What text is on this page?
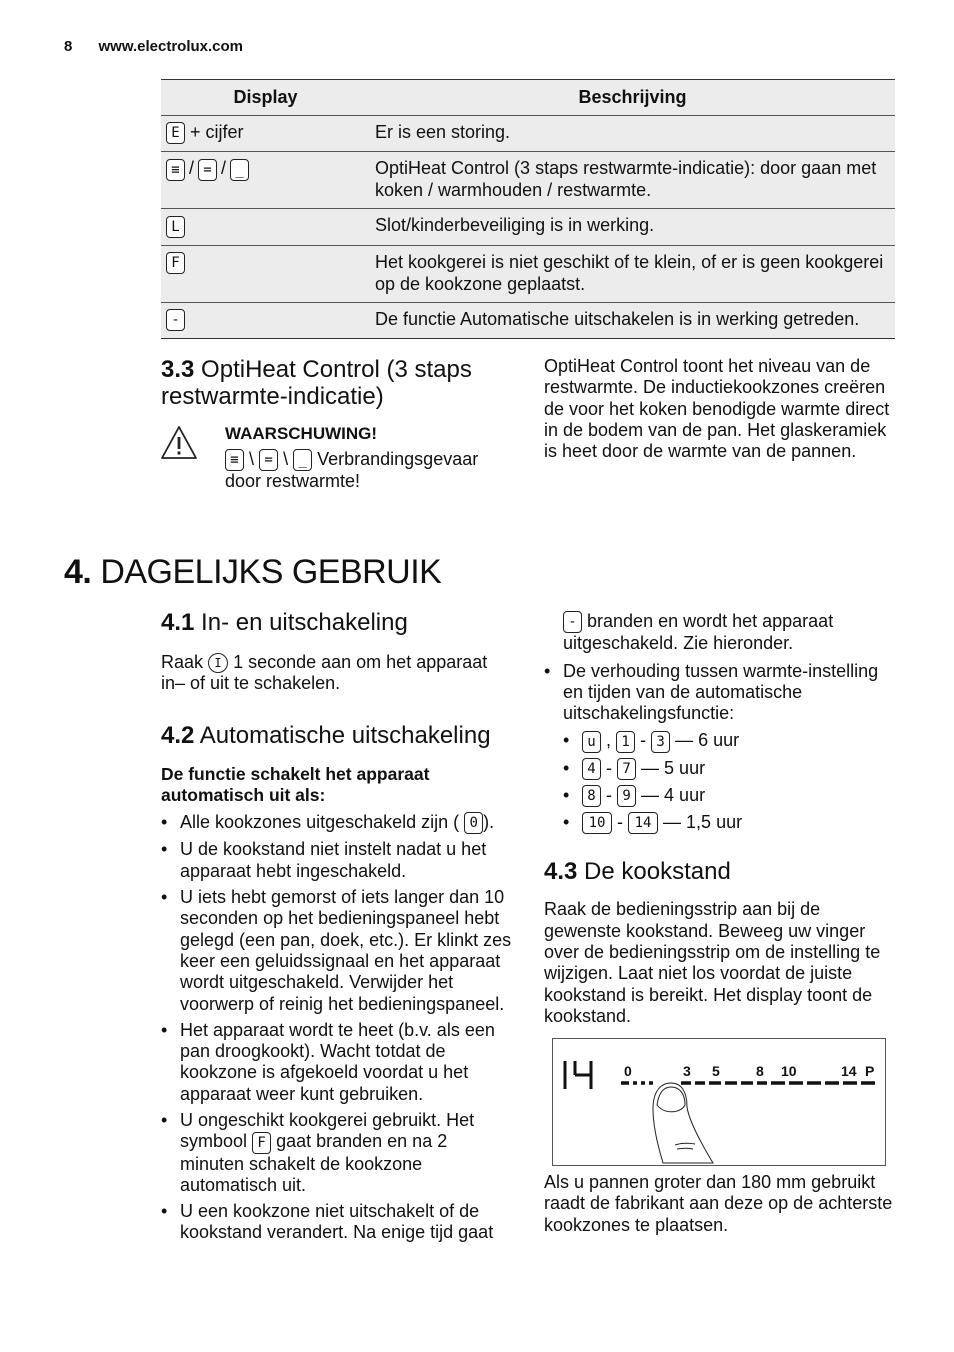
8 www.electrolux.com
Display	Beschrijving
E + cijfer	Er is een storing.
≡ / = / _	OptiHeat Control (3 staps restwarmte-indicatie): door gaan met koken / warmhouden / restwarmte.
L	Slot/kinderbeveiliging is in werking.
F	Het kookgerei is niet geschikt of te klein, of er is geen kookgerei op de kookzone geplaatst.
-	De functie Automatische uitschakelen is in werking getreden.
3.3 OptiHeat Control (3 staps restwarmte-indicatie)
WAARSCHUWING!

≡ \ = \ _ Verbrandingsgevaar
door restwarmte!

OptiHeat Control toont het niveau van de restwarmte. De inductiekookzones creëren de voor het koken benodigde warmte direct in de bodem van de pan. Het glaskeramiek is heet door de warmte van de pannen.

4. DAGELIJKS GEBRUIK
4.1 In- en uitschakeling

Raak I 1 seconde aan om het apparaat in– of uit te schakelen.

4.2 Automatische uitschakeling

De functie schakelt het apparaat automatisch uit als:

• Alle kookzones uitgeschakeld zijn ( 0 ).
• U de kookstand niet instelt nadat u het apparaat hebt ingeschakeld.
• U iets hebt gemorst of iets langer dan 10 seconden op het bedieningspaneel hebt gelegd (een pan, doek, etc.). Er klinkt zes keer een geluidssignaal en het apparaat wordt uitgeschakeld. Verwijder het voorwerp of reinig het bedieningspaneel.
• Het apparaat wordt te heet (b.v. als een pan droogkookt). Wacht totdat de kookzone is afgekoeld voordat u het apparaat weer kunt gebruiken.
• U ongeschikt kookgerei gebruikt. Het symbool F gaat branden en na 2 minuten schakelt de kookzone automatisch uit.
• U een kookzone niet uitschakelt of de kookstand verandert. Na enige tijd gaat

- branden en wordt het apparaat uitgeschakeld. Zie hieronder.

• De verhouding tussen warmte-instelling en tijden van de automatische uitschakelingsfunctie:
• u , 1 - 3 — 6 uur
• 4 - 7 — 5 uur
• 8 - 9 — 4 uur
• 10 - 14 — 1,5 uur
4.3 De kookstand

Raak de bedieningsstrip aan bij de gewenste kookstand. Beweeg uw vinger over de bedieningsstrip om de instelling te wijzigen. Laat niet los voordat de juiste kookstand is bereikt. Het display toont de kookstand.

0	3 5	8 10	14 P

Als u pannen groter dan 180 mm gebruikt raadt de fabrikant aan deze op de achterste kookzones te plaatsen.
